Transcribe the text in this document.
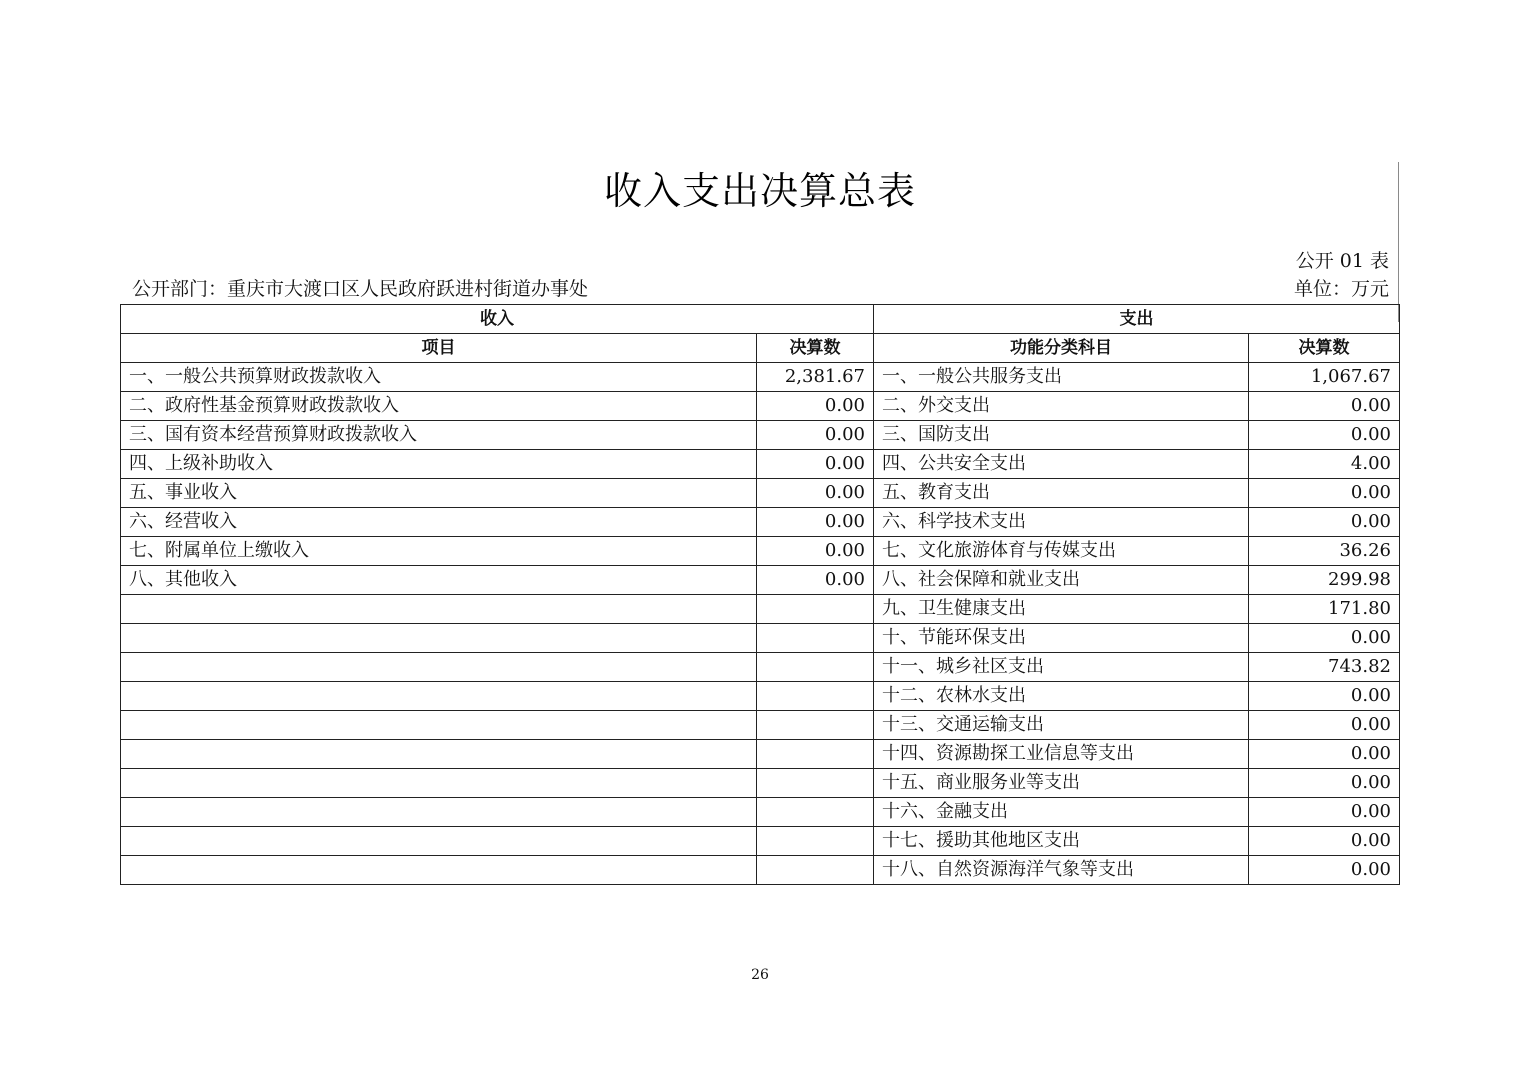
收入支出决算总表
公开 01 表
公开部门：重庆市大渡口区人民政府跃进村街道办事处	单位：万元
收入		支出	
项目	决算数	功能分类科目	决算数
一、一般公共预算财政拨款收入	2,381.67	一、一般公共服务支出	1,067.67
二、政府性基金预算财政拨款收入	0.00	二、外交支出	0.00
三、国有资本经营预算财政拨款收入	0.00	三、国防支出	0.00
四、上级补助收入	0.00	四、公共安全支出	4.00
五、事业收入	0.00	五、教育支出	0.00
六、经营收入	0.00	六、科学技术支出	0.00
七、附属单位上缴收入	0.00	七、文化旅游体育与传媒支出	36.26
八、其他收入	0.00	八、社会保障和就业支出	299.98
		九、卫生健康支出	171.80
		十、节能环保支出	0.00
		十一、城乡社区支出	743.82
		十二、农林水支出	0.00
		十三、交通运输支出	0.00
		十四、资源勘探工业信息等支出	0.00
		十五、商业服务业等支出	0.00
		十六、金融支出	0.00
		十七、援助其他地区支出	0.00
		十八、自然资源海洋气象等支出	0.00
26
